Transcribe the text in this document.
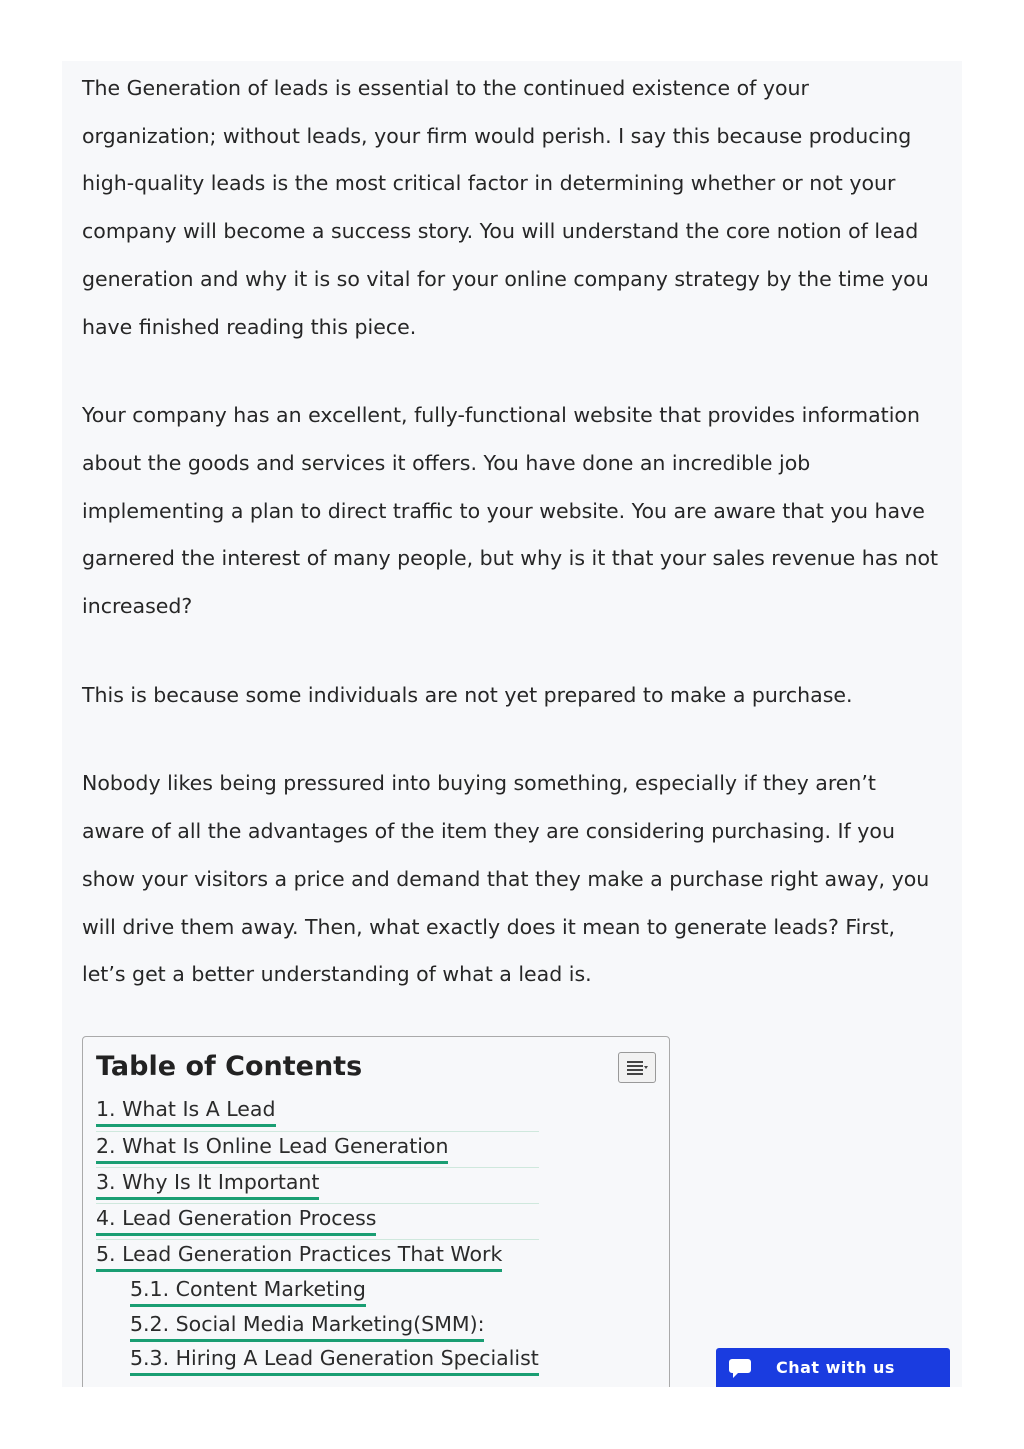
The Generation of leads is essential to the continued existence of your organization; without leads, your firm would perish. I say this because producing high-quality leads is the most critical factor in determining whether or not your company will become a success story. You will understand the core notion of lead generation and why it is so vital for your online company strategy by the time you have finished reading this piece.

Your company has an excellent, fully-functional website that provides information about the goods and services it offers. You have done an incredible job implementing a plan to direct traffic to your website. You are aware that you have garnered the interest of many people, but why is it that your sales revenue has not increased?

This is because some individuals are not yet prepared to make a purchase.

Nobody likes being pressured into buying something, especially if they aren’t aware of all the advantages of the item they are considering purchasing. If you show your visitors a price and demand that they make a purchase right away, you will drive them away. Then, what exactly does it mean to generate leads? First, let’s get a better understanding of what a lead is.

Table of Contents

1. What Is A Lead
2. What Is Online Lead Generation
3. Why Is It Important
4. Lead Generation Process
5. Lead Generation Practices That Work
5.1. Content Marketing
5.2. Social Media Marketing(SMM):
5.3. Hiring A Lead Generation Specialist	Chat with us
